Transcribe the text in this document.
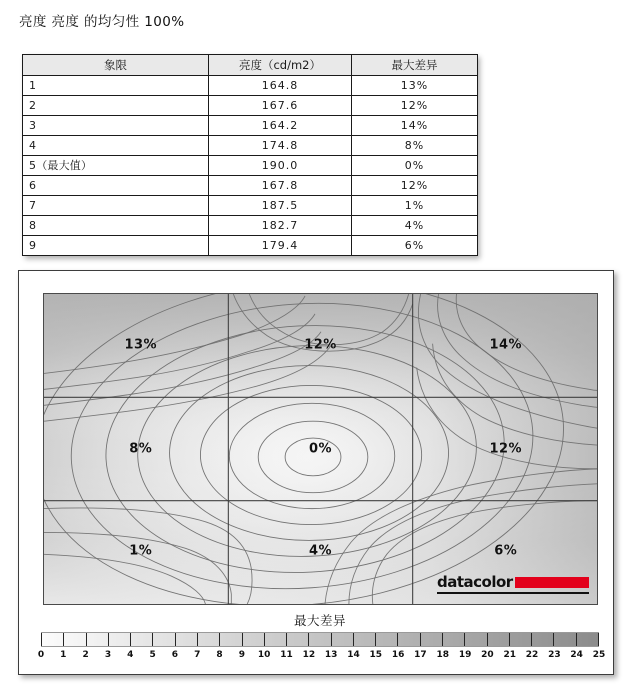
亮度 亮度 的均匀性 100%
象限	亮度（cd/m2）	最大差异
1	164.8	13%
2	167.6	12%
3	164.2	14%
4	174.8	8%
5（最大值）	190.0	0%
6	167.8	12%
7	187.5	1%
8	182.7	4%
9	179.4	6%
13%	12%	14%
8%	0%	12%
1%	4%	6%
datacolor
最大差异
0 1 2 3 4 5 6 7 8 9 10 11 12 13 14 15 16 17 18 19 20 21 22 23 24 25
